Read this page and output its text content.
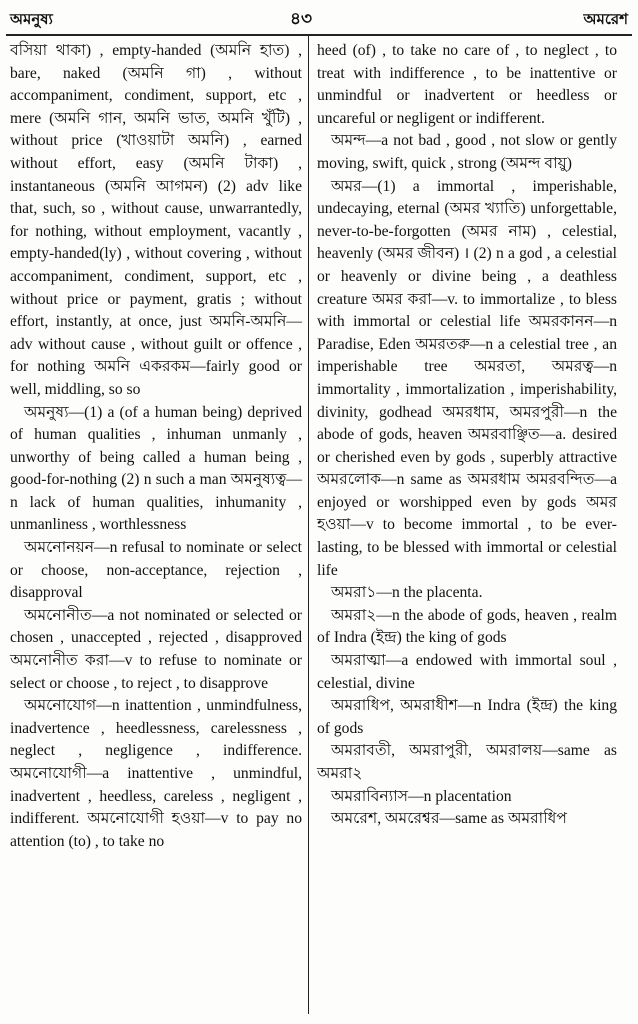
অমনুষ্য	৪৩	অমরেশ

বসিয়া থাকা) , empty-handed (অমনি হাত) , bare, naked (অমনি গা) , without accompaniment, condiment, support, etc , mere (অমনি গান, অমনি ভাত, অমনি খুঁটি) , without price (খাওয়াটা অমনি) , earned without effort, easy (অমনি টাকা) , instantaneous (অমনি আগমন) (2) adv like that, such, so , without cause, unwarrantedly, for nothing, without employment, vacantly , empty-handed(ly) , without covering , without accompaniment, condiment, support, etc , without price or payment, gratis ; without effort, instantly, at once, just অমনি-অমনি—adv without cause , without guilt or offence , for nothing অমনি একরকম—fairly good or well, middling, so so

অমনুষ্য—(1) a (of a human being) deprived of human qualities , inhuman unmanly , unworthy of being called a human being , good-for-nothing (2) n such a man অমনুষ্যত্ব—n lack of human qualities, inhumanity , unmanliness , worthlessness

অমনোনয়ন—n refusal to nominate or select or choose, non-acceptance, rejection , disapproval

অমনোনীত—a not nominated or selected or chosen , unaccepted , rejected , disapproved অমনোনীত করা—v to refuse to nominate or select or choose , to reject , to disapprove

অমনোযোগ—n inattention , unmindfulness, inadvertence , heedlessness, carelessness , neglect , negligence , indifference. অমনোযোগী—a inattentive , unmindful, inadvertent , heedless, careless , negligent , indifferent. অমনোযোগী হওয়া—v to pay no attention (to) , to take no

heed (of) , to take no care of , to neglect , to treat with indifference , to be inattentive or unmindful or inadvertent or heedless or uncareful or negligent or indifferent.

অমন্দ—a not bad , good , not slow or gently moving, swift, quick , strong (অমন্দ বায়ু)

অমর—(1) a immortal , imperishable, undecaying, eternal (অমর খ্যাতি) unforgettable, never-to-be-forgotten (অমর নাম) , celestial, heavenly (অমর জীবন) । (2) n a god , a celestial or heavenly or divine being , a deathless creature অমর করা—v. to immortalize , to bless with immortal or celestial life অমরকানন—n Paradise, Eden অমরতরু—n a celestial tree , an imperishable tree অমরতা, অমরত্ব—n immortality , immortalization , imperishability, divinity, godhead অমরধাম, অমরপুরী—n the abode of gods, heaven অমরবাঞ্ছিত—a. desired or cherished even by gods , superbly attractive অমরলোক—n same as অমরধাম অমরবন্দিত—a enjoyed or worshipped even by gods অমর হওয়া—v to become immortal , to be ever-lasting, to be blessed with immortal or celestial life

অমরা১—n the placenta.

অমরা২—n the abode of gods, heaven , realm of Indra (ইন্দ্র) the king of gods

অমরাত্মা—a endowed with immortal soul , celestial, divine

অমরাধিপ, অমরাধীশ—n Indra (ইন্দ্র) the king of gods

অমরাবতী, অমরাপুরী, অমরালয়—same as অমরা২

অমরাবিন্যাস—n placentation

অমরেশ, অমরেশ্বর—same as অমরাধিপ
